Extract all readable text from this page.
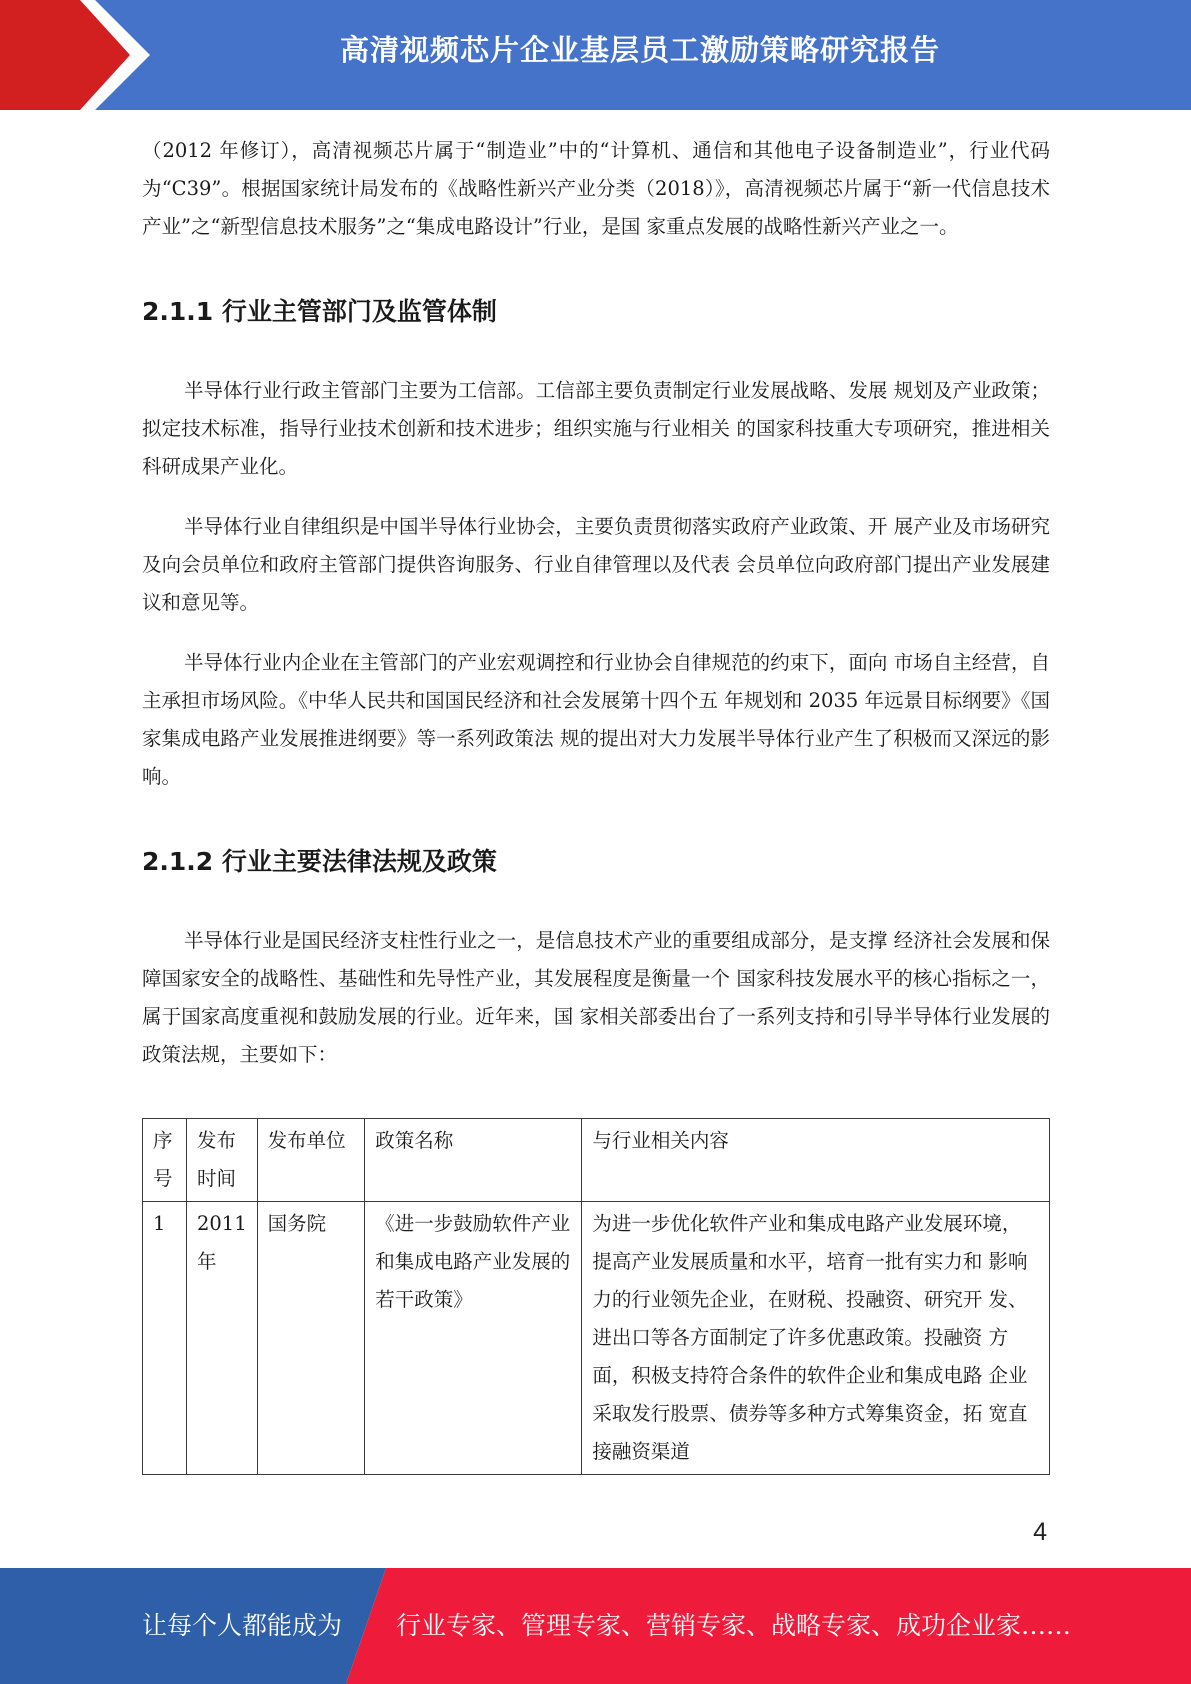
高清视频芯片企业基层员工激励策略研究报告

（2012 年修订），高清视频芯片属于“制造业”中的“计算机、通信和其他电子设备制造业”，行业代码为“C39”。根据国家统计局发布的《战略性新兴产业分类（2018）》，高清视频芯片属于“新一代信息技术产业”之“新型信息技术服务”之“集成电路设计”行业，是国 家重点发展的战略性新兴产业之一。

2.1.1 行业主管部门及监管体制

半导体行业行政主管部门主要为工信部。工信部主要负责制定行业发展战略、发展 规划及产业政策；拟定技术标准，指导行业技术创新和技术进步；组织实施与行业相关 的国家科技重大专项研究，推进相关科研成果产业化。

半导体行业自律组织是中国半导体行业协会，主要负责贯彻落实政府产业政策、开 展产业及市场研究及向会员单位和政府主管部门提供咨询服务、行业自律管理以及代表 会员单位向政府部门提出产业发展建议和意见等。

半导体行业内企业在主管部门的产业宏观调控和行业协会自律规范的约束下，面向 市场自主经营，自主承担市场风险。《中华人民共和国国民经济和社会发展第十四个五 年规划和 2035 年远景目标纲要》《国家集成电路产业发展推进纲要》等一系列政策法 规的提出对大力发展半导体行业产生了积极而又深远的影响。

2.1.2 行业主要法律法规及政策

半导体行业是国民经济支柱性行业之一，是信息技术产业的重要组成部分，是支撑 经济社会发展和保障国家安全的战略性、基础性和先导性产业，其发展程度是衡量一个 国家科技发展水平的核心指标之一，属于国家高度重视和鼓励发展的行业。近年来，国 家相关部委出台了一系列支持和引导半导体行业发展的政策法规，主要如下：

序号	发布时间	发布单位	政策名称	与行业相关内容
1	2011 年	国务院	《进一步鼓励软件产业和集成电路产业发展的若干政策》	为进一步优化软件产业和集成电路产业发展环境，提高产业发展质量和水平，培育一批有实力和 影响力的行业领先企业，在财税、投融资、研究开 发、进出口等各方面制定了许多优惠政策。投融资 方面，积极支持符合条件的软件企业和集成电路 企业采取发行股票、债券等多种方式筹集资金，拓 宽直接融资渠道
4
让每个人都能成为 行业专家、管理专家、营销专家、战略专家、成功企业家……
